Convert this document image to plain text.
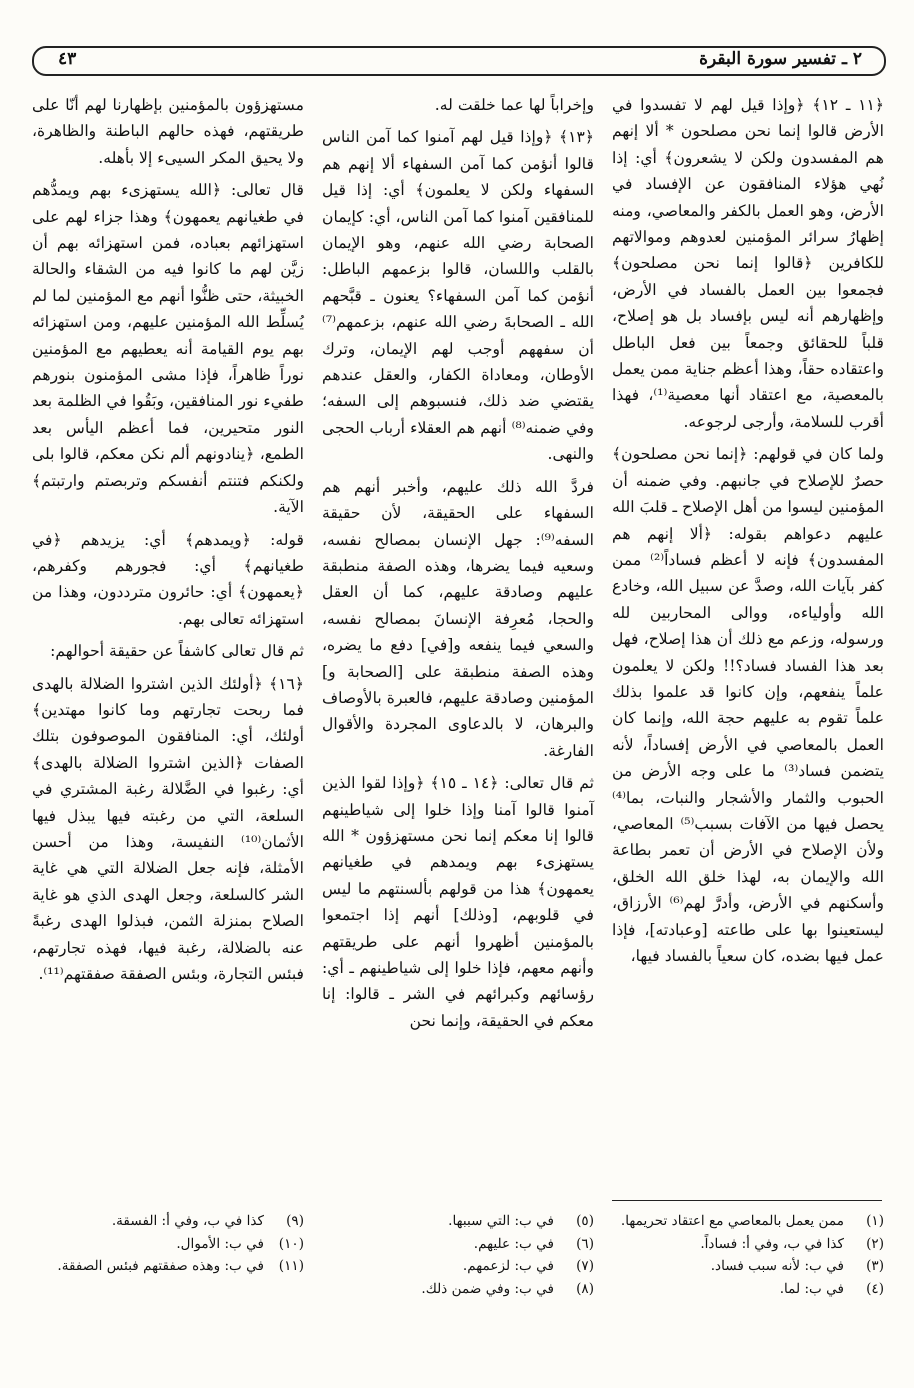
٢ ـ تفسير سورة البقرة
٤٣

﴿١١ ـ ١٢﴾ ﴿وإذا قيل لهم لا تفسدوا في الأرض قالوا إنما نحن مصلحون * ألا إنهم هم المفسدون ولكن لا يشعرون﴾ أي: إذا نُهي هؤلاء المنافقون عن الإفساد في الأرض، وهو العمل بالكفر والمعاصي، ومنه إظهارُ سرائر المؤمنين لعدوهم وموالاتهم للكافرين ﴿قالوا إنما نحن مصلحون﴾ فجمعوا بين العمل بالفساد في الأرض، وإظهارهم أنه ليس بإفساد بل هو إصلاح، قلباً للحقائق وجمعاً بين فعل الباطل واعتقاده حقاً، وهذا أعظم جناية ممن يعمل بالمعصية، مع اعتقاد أنها معصية⁽¹⁾، فهذا أقرب للسلامة، وأرجى لرجوعه.

ولما كان في قولهم: ﴿إنما نحن مصلحون﴾ حصرٌ للإصلاح في جانبهم. وفي ضمنه أن المؤمنين ليسوا من أهل الإصلاح ـ قلبَ الله عليهم دعواهم بقوله: ﴿ألا إنهم هم المفسدون﴾ فإنه لا أعظم فساداً⁽²⁾ ممن كفر بآيات الله، وصدَّ عن سبيل الله، وخادع الله وأولياءه، ووالى المحاربين لله ورسوله، وزعم مع ذلك أن هذا إصلاح، فهل بعد هذا الفساد فساد؟!! ولكن لا يعلمون علماً ينفعهم، وإن كانوا قد علموا بذلك علماً تقوم به عليهم حجة الله، وإنما كان العمل بالمعاصي في الأرض إفساداً، لأنه يتضمن فساد⁽³⁾ ما على وجه الأرض من الحبوب والثمار والأشجار والنبات، بما⁽⁴⁾ يحصل فيها من الآفات بسبب⁽⁵⁾ المعاصي، ولأن الإصلاح في الأرض أن تعمر بطاعة الله والإيمان به، لهذا خلق الله الخلق، وأسكنهم في الأرض، وأدرَّ لهم⁽⁶⁾ الأرزاق، ليستعينوا بها على طاعته [وعبادته]، فإذا عمل فيها بضده، كان سعياً بالفساد فيها،

وإخراباً لها عما خلقت له.

﴿١٣﴾ ﴿وإذا قيل لهم آمنوا كما آمن الناس قالوا أنؤمن كما آمن السفهاء ألا إنهم هم السفهاء ولكن لا يعلمون﴾ أي: إذا قيل للمنافقين آمنوا كما آمن الناس، أي: كإيمان الصحابة رضي الله عنهم، وهو الإيمان بالقلب واللسان، قالوا بزعمهم الباطل: أنؤمن كما آمن السفهاء؟ يعنون ـ قبَّحهم الله ـ الصحابةَ رضي الله عنهم، بزعمهم⁽⁷⁾ أن سفههم أوجب لهم الإيمان، وترك الأوطان، ومعاداة الكفار، والعقل عندهم يقتضي ضد ذلك، فنسبوهم إلى السفه؛ وفي ضمنه⁽⁸⁾ أنهم هم العقلاء أرباب الحجى والنهى.

فردَّ الله ذلك عليهم، وأخبر أنهم هم السفهاء على الحقيقة، لأن حقيقة السفه⁽⁹⁾: جهل الإنسان بمصالح نفسه، وسعيه فيما يضرها، وهذه الصفة منطبقة عليهم وصادقة عليهم، كما أن العقل والحجا، مُعرِفة الإنسانَ بمصالح نفسه، والسعي فيما ينفعه و[في] دفع ما يضره، وهذه الصفة منطبقة على [الصحابة و] المؤمنين وصادقة عليهم، فالعبرة بالأوصاف والبرهان، لا بالدعاوى المجردة والأقوال الفارغة.

ثم قال تعالى: ﴿١٤ ـ ١٥﴾ ﴿وإذا لقوا الذين آمنوا قالوا آمنا وإذا خلوا إلى شياطينهم قالوا إنا معكم إنما نحن مستهزؤون * الله يستهزىء بهم ويمدهم في طغيانهم يعمهون﴾ هذا من قولهم بألسنتهم ما ليس في قلوبهم، [وذلك] أنهم إذا اجتمعوا بالمؤمنين أظهروا أنهم على طريقتهم وأنهم معهم، فإذا خلوا إلى شياطينهم ـ أي: رؤسائهم وكبرائهم في الشر ـ قالوا: إنا معكم في الحقيقة، وإنما نحن

مستهزؤون بالمؤمنين بإظهارنا لهم أنّا على طريقتهم، فهذه حالهم الباطنة والظاهرة، ولا يحيق المكر السيىء إلا بأهله.

قال تعالى: ﴿الله يستهزىء بهم ويمدُّهم في طغيانهم يعمهون﴾ وهذا جزاء لهم على استهزائهم بعباده، فمن استهزائه بهم أن زيَّن لهم ما كانوا فيه من الشقاء والحالة الخبيثة، حتى ظنُّوا أنهم مع المؤمنين لما لم يُسلِّط الله المؤمنين عليهم، ومن استهزائه بهم يوم القيامة أنه يعطيهم مع المؤمنين نوراً ظاهراً، فإذا مشى المؤمنون بنورهم طفيء نور المنافقين، وبَقُوا في الظلمة بعد النور متحيرين، فما أعظم اليأس بعد الطمع، ﴿ينادونهم ألم نكن معكم، قالوا بلى ولكنكم فتنتم أنفسكم وتربصتم وارتبتم﴾ الآية.

قوله: ﴿ويمدهم﴾ أي: يزيدهم ﴿في طغيانهم﴾ أي: فجورهم وكفرهم، ﴿يعمهون﴾ أي: حائرون مترددون، وهذا من استهزائه تعالى بهم.

ثم قال تعالى كاشفاً عن حقيقة أحوالهم:

﴿١٦﴾ ﴿أولئك الذين اشتروا الضلالة بالهدى فما ربحت تجارتهم وما كانوا مهتدين﴾ أولئك، أي: المنافقون الموصوفون بتلك الصفات ﴿الذين اشتروا الضلالة بالهدى﴾ أي: رغبوا في الضَّلالة رغبة المشتري في السلعة، التي من رغبته فيها يبذل فيها الأثمان⁽¹⁰⁾ النفيسة، وهذا من أحسن الأمثلة، فإنه جعل الضلالة التي هي غاية الشر كالسلعة، وجعل الهدى الذي هو غاية الصلاح بمنزلة الثمن، فبذلوا الهدى رغبةً عنه بالضلالة، رغبة فيها، فهذه تجارتهم، فبئس التجارة، وبئس الصفقة صفقتهم⁽¹¹⁾.

(١)
ممن يعمل بالمعاصي مع اعتقاد تحريمها.
(٢)
كذا في ب، وفي أ: فساداً.
(٣)
في ب: لأنه سبب فساد.
(٤)
في ب: لما.
(٥)
في ب: التي سببها.
(٦)
في ب: عليهم.
(٧)
في ب: لزعمهم.
(٨)
في ب: وفي ضمن ذلك.
(٩)
كذا في ب، وفي أ: الفسقة.
(١٠)
في ب: الأموال.
(١١)
في ب: وهذه صفقتهم فبئس الصفقة.
